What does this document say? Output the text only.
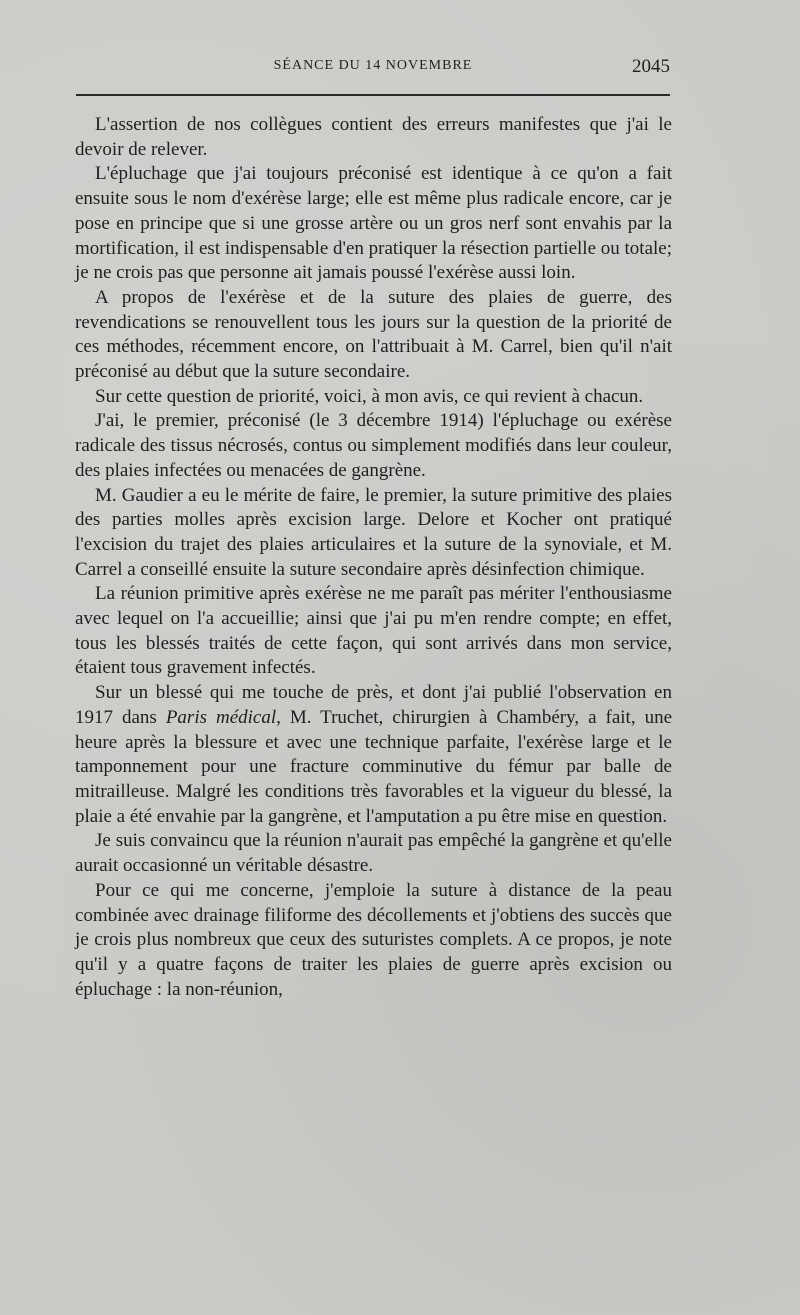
SÉANCE DU 14 NOVEMBRE	2045

L'assertion de nos collègues contient des erreurs manifestes que j'ai le devoir de relever.

L'épluchage que j'ai toujours préconisé est identique à ce qu'on a fait ensuite sous le nom d'exérèse large; elle est même plus radicale encore, car je pose en principe que si une grosse artère ou un gros nerf sont envahis par la mortification, il est indispensable d'en pratiquer la résection partielle ou totale; je ne crois pas que personne ait jamais poussé l'exérèse aussi loin.

A propos de l'exérèse et de la suture des plaies de guerre, des revendications se renouvellent tous les jours sur la question de la priorité de ces méthodes, récemment encore, on l'attribuait à M. Carrel, bien qu'il n'ait préconisé au début que la suture secondaire.

Sur cette question de priorité, voici, à mon avis, ce qui revient à chacun.

J'ai, le premier, préconisé (le 3 décembre 1914) l'épluchage ou exérèse radicale des tissus nécrosés, contus ou simplement modifiés dans leur couleur, des plaies infectées ou menacées de gangrène.

M. Gaudier a eu le mérite de faire, le premier, la suture primitive des plaies des parties molles après excision large. Delore et Kocher ont pratiqué l'excision du trajet des plaies articulaires et la suture de la synoviale, et M. Carrel a conseillé ensuite la suture secondaire après désinfection chimique.

La réunion primitive après exérèse ne me paraît pas mériter l'enthousiasme avec lequel on l'a accueillie; ainsi que j'ai pu m'en rendre compte; en effet, tous les blessés traités de cette façon, qui sont arrivés dans mon service, étaient tous gravement infectés.

Sur un blessé qui me touche de près, et dont j'ai publié l'observation en 1917 dans Paris médical, M. Truchet, chirurgien à Chambéry, a fait, une heure après la blessure et avec une technique parfaite, l'exérèse large et le tamponnement pour une fracture comminutive du fémur par balle de mitrailleuse. Malgré les conditions très favorables et la vigueur du blessé, la plaie a été envahie par la gangrène, et l'amputation a pu être mise en question.

Je suis convaincu que la réunion n'aurait pas empêché la gangrène et qu'elle aurait occasionné un véritable désastre.

Pour ce qui me concerne, j'emploie la suture à distance de la peau combinée avec drainage filiforme des décollements et j'obtiens des succès que je crois plus nombreux que ceux des suturistes complets. A ce propos, je note qu'il y a quatre façons de traiter les plaies de guerre après excision ou épluchage : la non-réunion,
